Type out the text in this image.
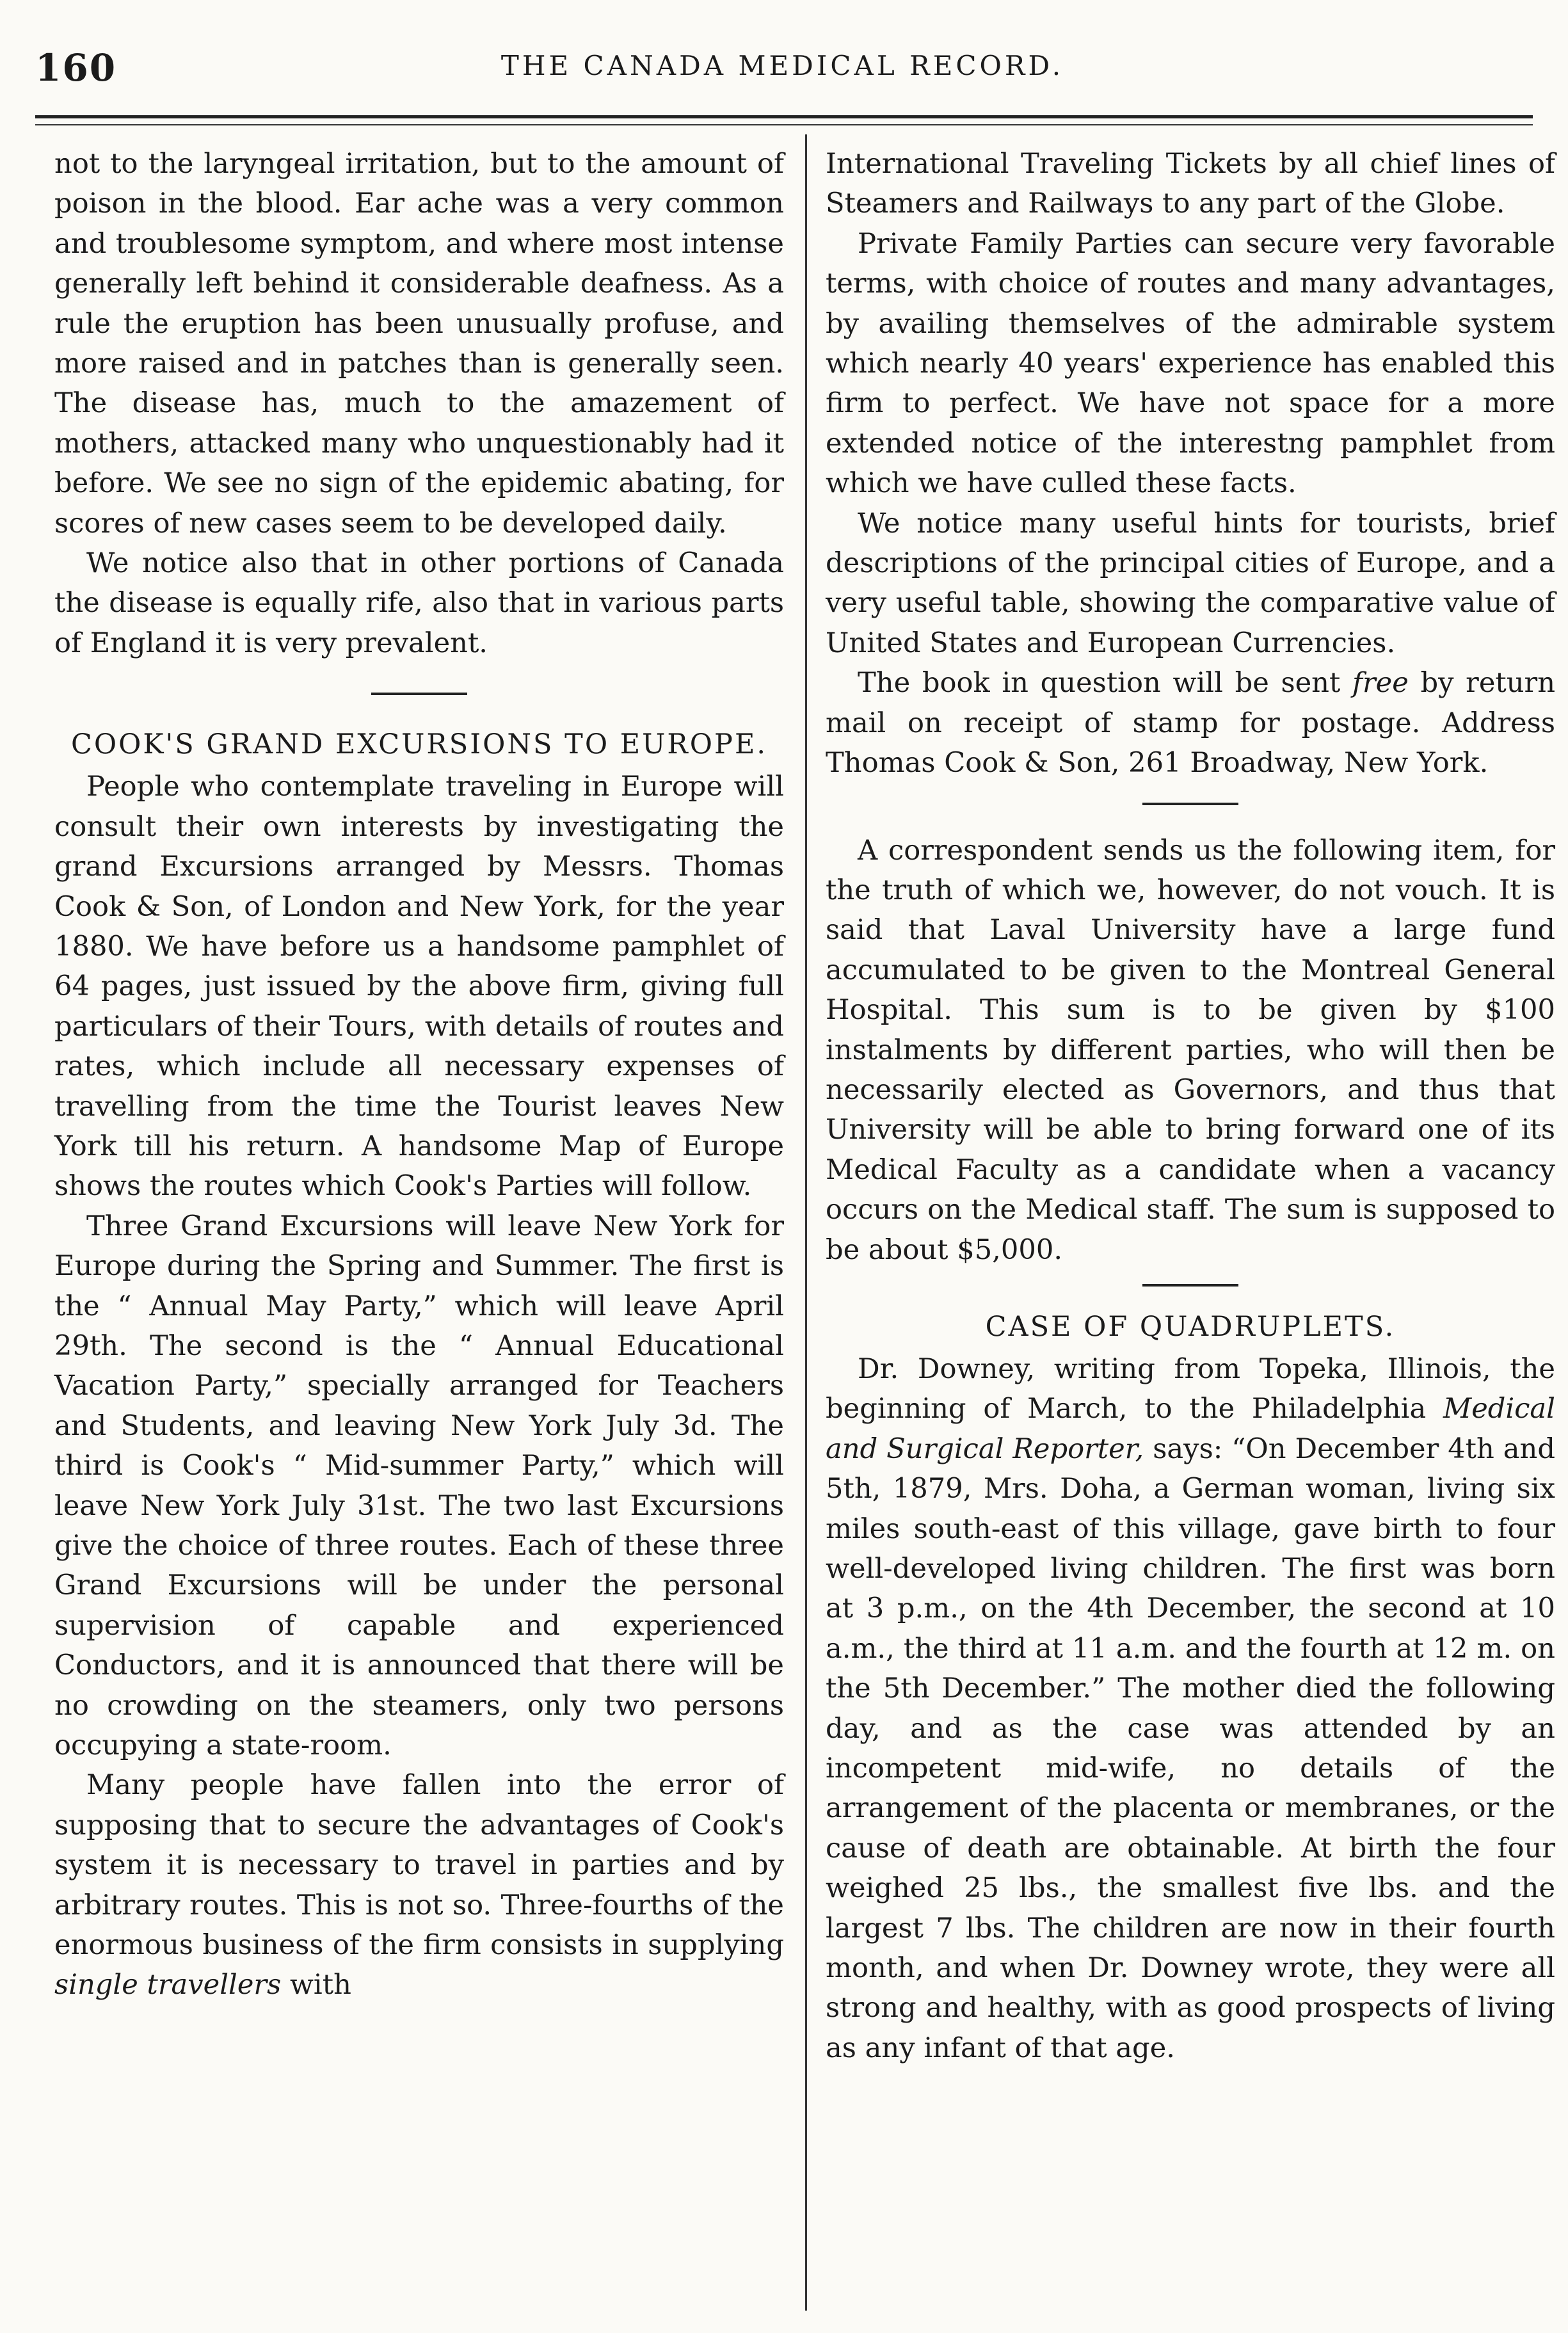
160	THE CANADA MEDICAL RECORD.

not to the laryngeal irritation, but to the amount of poison in the blood. Ear ache was a very common and troublesome symptom, and where most intense generally left behind it considerable deafness. As a rule the eruption has been unusually profuse, and more raised and in patches than is generally seen. The disease has, much to the amazement of mothers, attacked many who unquestionably had it before. We see no sign of the epidemic abating, for scores of new cases seem to be developed daily.

We notice also that in other portions of Canada the disease is equally rife, also that in various parts of England it is very prevalent.

COOK'S GRAND EXCURSIONS TO EUROPE.

People who contemplate traveling in Europe will consult their own interests by investigating the grand Excursions arranged by Messrs. Thomas Cook & Son, of London and New York, for the year 1880. We have before us a handsome pamphlet of 64 pages, just issued by the above firm, giving full particulars of their Tours, with details of routes and rates, which include all necessary expenses of travelling from the time the Tourist leaves New York till his return. A handsome Map of Europe shows the routes which Cook's Parties will follow.

Three Grand Excursions will leave New York for Europe during the Spring and Summer. The first is the “ Annual May Party,” which will leave April 29th. The second is the “ Annual Educational Vacation Party,” specially arranged for Teachers and Students, and leaving New York July 3d. The third is Cook's “ Mid-summer Party,” which will leave New York July 31st. The two last Excursions give the choice of three routes. Each of these three Grand Excursions will be under the personal supervision of capable and experienced Conductors, and it is announced that there will be no crowding on the steamers, only two persons occupying a state-room.

Many people have fallen into the error of supposing that to secure the advantages of Cook's system it is necessary to travel in parties and by arbitrary routes. This is not so. Three-fourths of the enormous business of the firm consists in supplying single travellers with

International Traveling Tickets by all chief lines of Steamers and Railways to any part of the Globe.

Private Family Parties can secure very favorable terms, with choice of routes and many advantages, by availing themselves of the admirable system which nearly 40 years' experience has enabled this firm to perfect. We have not space for a more extended notice of the interestng pamphlet from which we have culled these facts.

We notice many useful hints for tourists, brief descriptions of the principal cities of Europe, and a very useful table, showing the comparative value of United States and European Currencies.

The book in question will be sent free by return mail on receipt of stamp for postage. Address Thomas Cook & Son, 261 Broadway, New York.

A correspondent sends us the following item, for the truth of which we, however, do not vouch. It is said that Laval University have a large fund accumulated to be given to the Montreal General Hospital. This sum is to be given by $100 instalments by different parties, who will then be necessarily elected as Governors, and thus that University will be able to bring forward one of its Medical Faculty as a candidate when a vacancy occurs on the Medical staff. The sum is supposed to be about $5,000.

CASE OF QUADRUPLETS.

Dr. Downey, writing from Topeka, Illinois, the beginning of March, to the Philadelphia Medical and Surgical Reporter, says: “On December 4th and 5th, 1879, Mrs. Doha, a German woman, living six miles south-east of this village, gave birth to four well-developed living children. The first was born at 3 p.m., on the 4th December, the second at 10 a.m., the third at 11 a.m. and the fourth at 12 m. on the 5th December.” The mother died the following day, and as the case was attended by an incompetent mid-wife, no details of the arrangement of the placenta or membranes, or the cause of death are obtainable. At birth the four weighed 25 lbs., the smallest five lbs. and the largest 7 lbs. The children are now in their fourth month, and when Dr. Downey wrote, they were all strong and healthy, with as good prospects of living as any infant of that age.
